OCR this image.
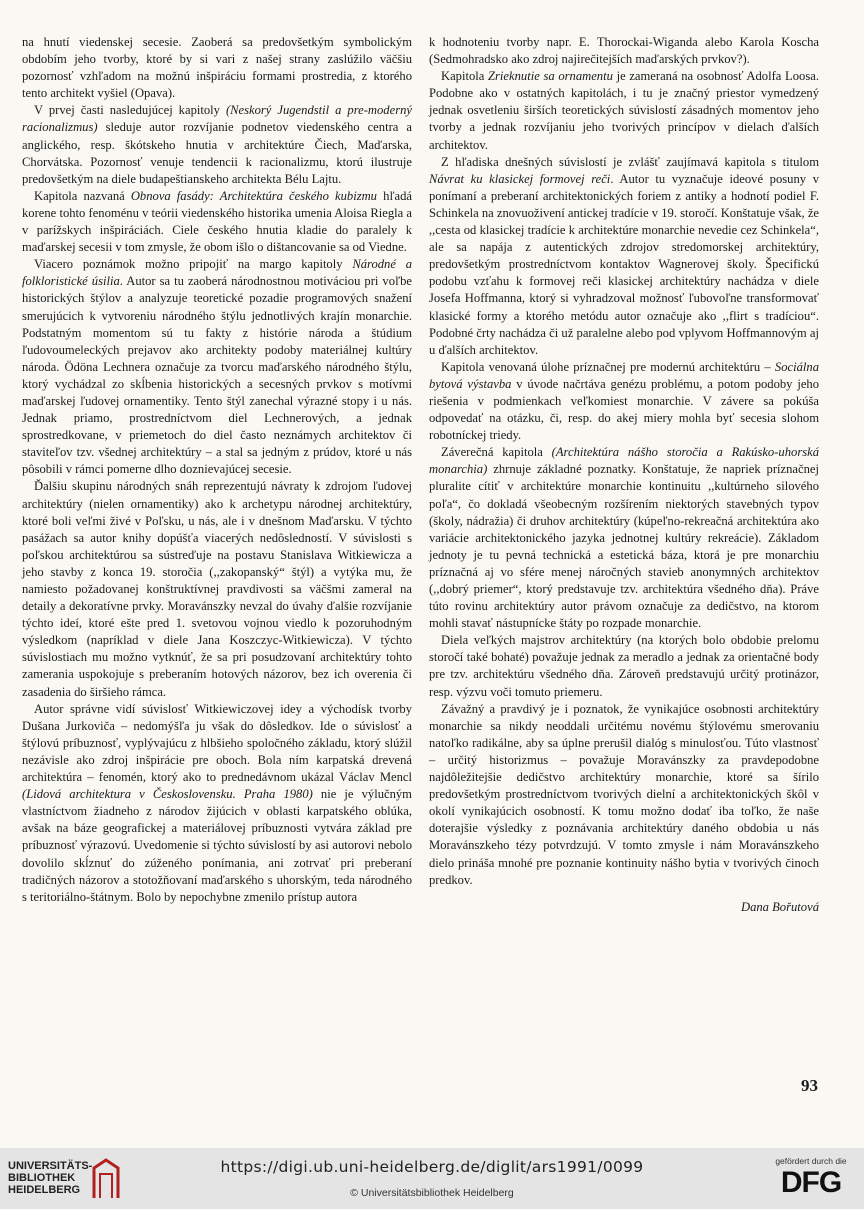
na hnutí viedenskej secesie. Zaoberá sa predovšetkým symbolickým obdobím jeho tvorby, ktoré by si vari z našej strany zaslúžilo väčšiu pozornosť vzhľadom na možnú inšpiráciu formami prostredia, z ktorého tento architekt vyšiel (Opava).

V prvej časti nasledujúcej kapitoly (Neskorý Jugendstil a pre-moderný racionalizmus) sleduje autor rozvíjanie podnetov viedenského centra a anglického, resp. škótskeho hnutia v architektúre Čiech, Maďarska, Chorvátska. Pozornosť venuje tendencii k racionalizmu, ktorú ilustruje predovšetkým na diele budapeštianskeho architekta Bélu Lajtu.

Kapitola nazvaná Obnova fasády: Architektúra českého kubizmu hľadá korene tohto fenoménu v teórii viedenského historika umenia Aloisa Riegla a v parížskych inšpiráciách. Ciele českého hnutia kladie do paralely k maďarskej secesii v tom zmysle, že obom išlo o dištancovanie sa od Viedne.

Viacero poznámok možno pripojiť na margo kapitoly Národné a folkloristické úsilia. Autor sa tu zaoberá národnostnou motiváciou pri voľbe historických štýlov a analyzuje teoretické pozadie programových snažení smerujúcich k vytvoreniu národného štýlu jednotlivých krajín monarchie. Podstatným momentom sú tu fakty z histórie národa a štúdium ľudovoumeleckých prejavov ako architekty podoby materiálnej kultúry národa. Ödöna Lechnera označuje za tvorcu maďarského národného štýlu, ktorý vychádzal zo skĺbenia historických a secesných prvkov s motívmi maďarskej ľudovej ornamentiky. Tento štýl zanechal výrazné stopy i u nás. Jednak priamo, prostredníctvom diel Lechnerových, a jednak sprostredkovane, v priemetoch do diel často neznámych architektov či staviteľov tzv. všednej architektúry – a stal sa jedným z prúdov, ktoré u nás pôsobili v rámci pomerne dlho doznievajúcej secesie.

Ďalšiu skupinu národných snáh reprezentujú návraty k zdrojom ľudovej architektúry (nielen ornamentiky) ako k archetypu národnej architektúry, ktoré boli veľmi živé v Poľsku, u nás, ale i v dnešnom Maďarsku. V týchto pasážach sa autor knihy dopúšťa viacerých nedôsledností. V súvislosti s poľskou architektúrou sa sústreďuje na postavu Stanislava Witkiewicza a jeho stavby z konca 19. storočia (,,zakopanský“ štýl) a vytýka mu, že namiesto požadovanej konštruktívnej pravdivosti sa väčšmi zameral na detaily a dekoratívne prvky. Moravánszky nevzal do úvahy ďalšie rozvíjanie týchto ideí, ktoré ešte pred 1. svetovou vojnou viedlo k pozoruhodným výsledkom (napríklad v diele Jana Koszczyc-Witkiewicza). V týchto súvislostiach mu možno vytknúť, že sa pri posudzovaní architektúry tohto zamerania uspokojuje s preberaním hotových názorov, bez ich overenia či zasadenia do širšieho rámca.

Autor správne vidí súvislosť Witkiewiczovej idey a východísk tvorby Dušana Jurkoviča – nedomýšľa ju však do dôsledkov. Ide o súvislosť a štýlovú príbuznosť, vyplývajúcu z hlbšieho spoločného základu, ktorý slúžil nezávisle ako zdroj inšpirácie pre oboch. Bola ním karpatská drevená architektúra – fenomén, ktorý ako to prednedávnom ukázal Václav Mencl (Lidová architektura v Československu. Praha 1980) nie je výlučným vlastníctvom žiadneho z národov žijúcich v oblasti karpatského oblúka, avšak na báze geografickej a materiálovej príbuznosti vytvára základ pre príbuznosť výrazovú. Uvedomenie si týchto súvislostí by asi autorovi nebolo dovolilo skĺznuť do zúženého ponímania, ani zotrvať pri preberaní tradičných názorov a stotožňovaní maďarského s uhorským, teda národného s teritoriálno-štátnym. Bolo by nepochybne zmenilo prístup autora

k hodnoteniu tvorby napr. E. Thorockai-Wiganda alebo Karola Koscha (Sedmohradsko ako zdroj najirečitejších maďarských prvkov?).

Kapitola Zrieknutie sa ornamentu je zameraná na osobnosť Adolfa Loosa. Podobne ako v ostatných kapitolách, i tu je značný priestor vymedzený jednak osvetleniu širších teoretických súvislostí zásadných momentov jeho tvorby a jednak rozvíjaniu jeho tvorivých princípov v dielach ďalších architektov.

Z hľadiska dnešných súvislostí je zvlášť zaujímavá kapitola s titulom Návrat ku klasickej formovej reči. Autor tu vyznačuje ideové posuny v ponímaní a preberaní architektonických foriem z antiky a hodnotí podiel F. Schinkela na znovuoživení antickej tradície v 19. storočí. Konštatuje však, že ,,cesta od klasickej tradície k architektúre monarchie nevedie cez Schinkela“, ale sa napája z autentických zdrojov stredomorskej architektúry, predovšetkým prostredníctvom kontaktov Wagnerovej školy. Špecifickú podobu vzťahu k formovej reči klasickej architektúry nachádza v diele Josefa Hoffmanna, ktorý si vyhradzoval možnosť ľubovoľne transformovať klasické formy a ktorého metódu autor označuje ako ,,flirt s tradíciou“. Podobné črty nachádza či už paralelne alebo pod vplyvom Hoffmannovým aj u ďalších architektov.

Kapitola venovaná úlohe príznačnej pre modernú architektúru – Sociálna bytová výstavba v úvode načrtáva genézu problému, a potom podoby jeho riešenia v podmienkach veľkomiest monarchie. V závere sa pokúša odpovedať na otázku, či, resp. do akej miery mohla byť secesia slohom robotníckej triedy.

Záverečná kapitola (Architektúra nášho storočia a Rakúsko-uhorská monarchia) zhrnuje základné poznatky. Konštatuje, že napriek príznačnej pluralite cítiť v architektúre monarchie kontinuitu ,,kultúrneho silového poľa“, čo dokladá všeobecným rozšírením niektorých stavebných typov (školy, nádražia) či druhov architektúry (kúpeľno-rekreačná architektúra ako variácie architektonického jazyka jednotnej kultúry rekreácie). Základom jednoty je tu pevná technická a estetická báza, ktorá je pre monarchiu príznačná aj vo sfére menej náročných stavieb anonymných architektov (,,dobrý priemer“, ktorý predstavuje tzv. architektúra všedného dňa). Práve túto rovinu architektúry autor právom označuje za dedičstvo, na ktorom mohli stavať nástupnícke štáty po rozpade monarchie.

Diela veľkých majstrov architektúry (na ktorých bolo obdobie prelomu storočí také bohaté) považuje jednak za meradlo a jednak za orientačné body pre tzv. architektúru všedného dňa. Zároveň predstavujú určitý protinázor, resp. výzvu voči tomuto priemeru.

Závažný a pravdivý je i poznatok, že vynikajúce osobnosti architektúry monarchie sa nikdy neoddali určitému novému štýlovému smerovaniu natoľko radikálne, aby sa úplne prerušil dialóg s minulosťou. Túto vlastnosť – určitý historizmus – považuje Moravánszky za pravdepodobne najdôležitejšie dedičstvo architektúry monarchie, ktoré sa šírilo predovšetkým prostredníctvom tvorivých dielní a architektonických škôl v okolí vynikajúcich osobností. K tomu možno dodať iba toľko, že naše doterajšie výsledky z poznávania architektúry daného obdobia u nás Moravánszkeho tézy potvrdzujú. V tomto zmysle i nám Moravánszkeho dielo prináša mnohé pre poznanie kontinuity nášho bytia v tvorivých činoch predkov.

Dana Bořutová
93
UNIVERSITÄTS-
BIBLIOTHEK
HEIDELBERG
https://digi.ub.uni-heidelberg.de/diglit/ars1991/0099
© Universitätsbibliothek Heidelberg
gefördert durch die
DFG
